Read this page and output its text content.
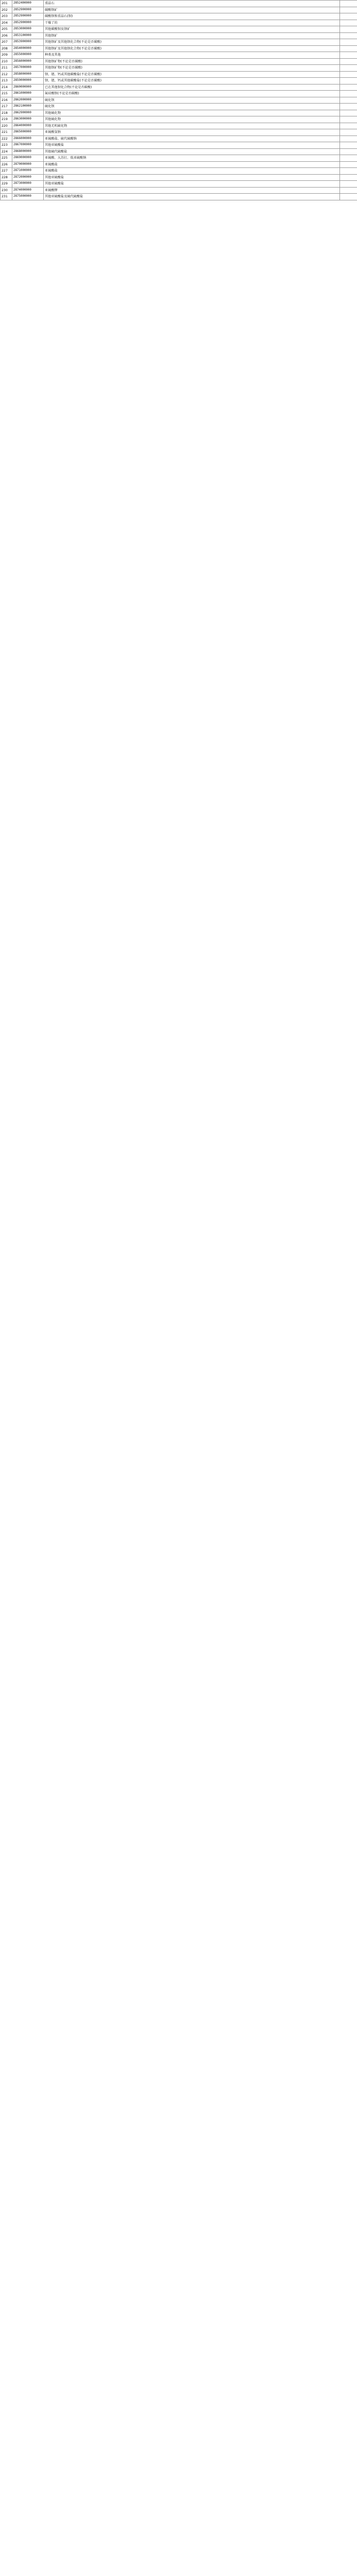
201	2852400000	重晶石	
202	2852900000	碳酸钡矿	
203	2852900000	碳酸钡和重晶石(钡)	
204	2852900000	干燥了的	
205	2853000000	其他碳酸钡及钡矿	
206	2853100000	其他钡矿	
207	2853900000	其他钡矿及其他钡化合物(不论是否碳酸)	
208	2854000000	其他钡矿及其他钡化合物(不论是否碳酸)	
209	2855000000	种类及其他	
210	2856000000	其他钡矿物(不论是否碳酸)	
211	2857000000	其他钡矿物(不论是否碳酸)	
212	2858000000	钡、锶、钙或其他碳酸盐(不论是否碳酸)	
213	2859000000	钡、锶、钙或其他碳酸盐(不论是否碳酸)	
214	2860000000	已在其他钡化合物(不论是否碳酸)	
215	2861000000	氟硅酸钡(不论是否碳酸)	
216	2862000000	硫化钡	
217	2862100000	硫化钡	
218	2862900000	其他硫化物	
219	2863000000	其他硫化物	
220	2864000000	其他无机硫化物	
221	2865000000	亚硫酸氢钠	
222	2866000000	亚硫酸盐、硫代硫酸钠	
223	2867000000	其他亚硫酸盐	
224	2868000000	其他硫代硫酸盐	
225	2869000000	亚硫酸、大苏打、低亚硫酸钠	
226	2870000000	亚硫酸盐	
227	2871000000	亚硫酸盐	
228	2872000000	其他亚硫酸盐	
229	2873000000	其他亚硫酸盐	
230	2874000000	亚硫酸钾	
231	2875000000	其他亚硫酸盐及硫代硫酸盐	
